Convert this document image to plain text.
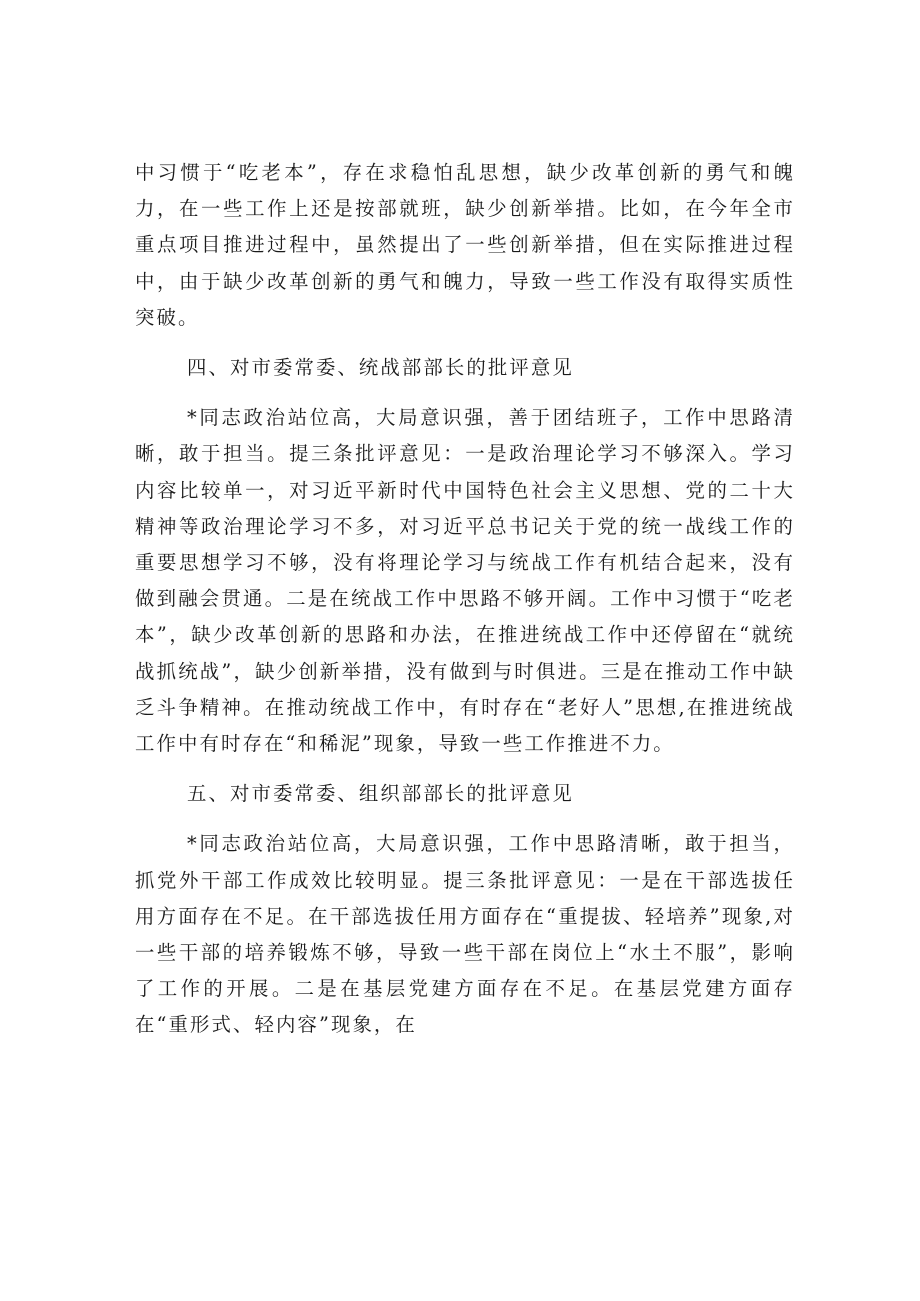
中习惯于“吃老本”，存在求稳怕乱思想，缺少改革创新的勇气和魄力，在一些工作上还是按部就班，缺少创新举措。比如，在今年全市重点项目推进过程中，虽然提出了一些创新举措，但在实际推进过程中，由于缺少改革创新的勇气和魄力，导致一些工作没有取得实质性突破。

四、对市委常委、统战部部长的批评意见

*同志政治站位高，大局意识强，善于团结班子，工作中思路清晰，敢于担当。提三条批评意见：一是政治理论学习不够深入。学习内容比较单一，对习近平新时代中国特色社会主义思想、党的二十大精神等政治理论学习不多，对习近平总书记关于党的统一战线工作的重要思想学习不够，没有将理论学习与统战工作有机结合起来，没有做到融会贯通。二是在统战工作中思路不够开阔。工作中习惯于“吃老本”，缺少改革创新的思路和办法，在推进统战工作中还停留在“就统战抓统战”，缺少创新举措，没有做到与时俱进。三是在推动工作中缺乏斗争精神。在推动统战工作中，有时存在“老好人”思想,在推进统战工作中有时存在“和稀泥”现象，导致一些工作推进不力。

五、对市委常委、组织部部长的批评意见

*同志政治站位高，大局意识强，工作中思路清晰，敢于担当，抓党外干部工作成效比较明显。提三条批评意见：一是在干部选拔任用方面存在不足。在干部选拔任用方面存在“重提拔、轻培养”现象,对一些干部的培养锻炼不够，导致一些干部在岗位上“水土不服”，影响了工作的开展。二是在基层党建方面存在不足。在基层党建方面存在“重形式、轻内容”现象，在
